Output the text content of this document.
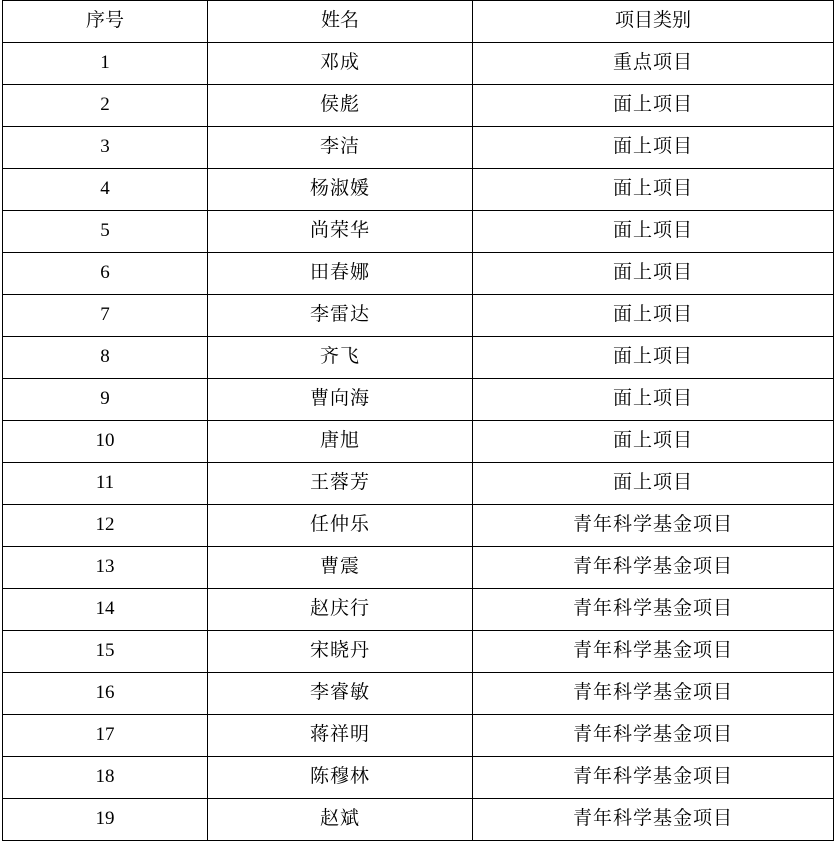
序号	姓名	项目类别
1	邓成	重点项目
2	侯彪	面上项目
3	李洁	面上项目
4	杨淑媛	面上项目
5	尚荣华	面上项目
6	田春娜	面上项目
7	李雷达	面上项目
8	齐飞	面上项目
9	曹向海	面上项目
10	唐旭	面上项目
11	王蓉芳	面上项目
12	任仲乐	青年科学基金项目
13	曹震	青年科学基金项目
14	赵庆行	青年科学基金项目
15	宋晓丹	青年科学基金项目
16	李睿敏	青年科学基金项目
17	蒋祥明	青年科学基金项目
18	陈穆林	青年科学基金项目
19	赵斌	青年科学基金项目
